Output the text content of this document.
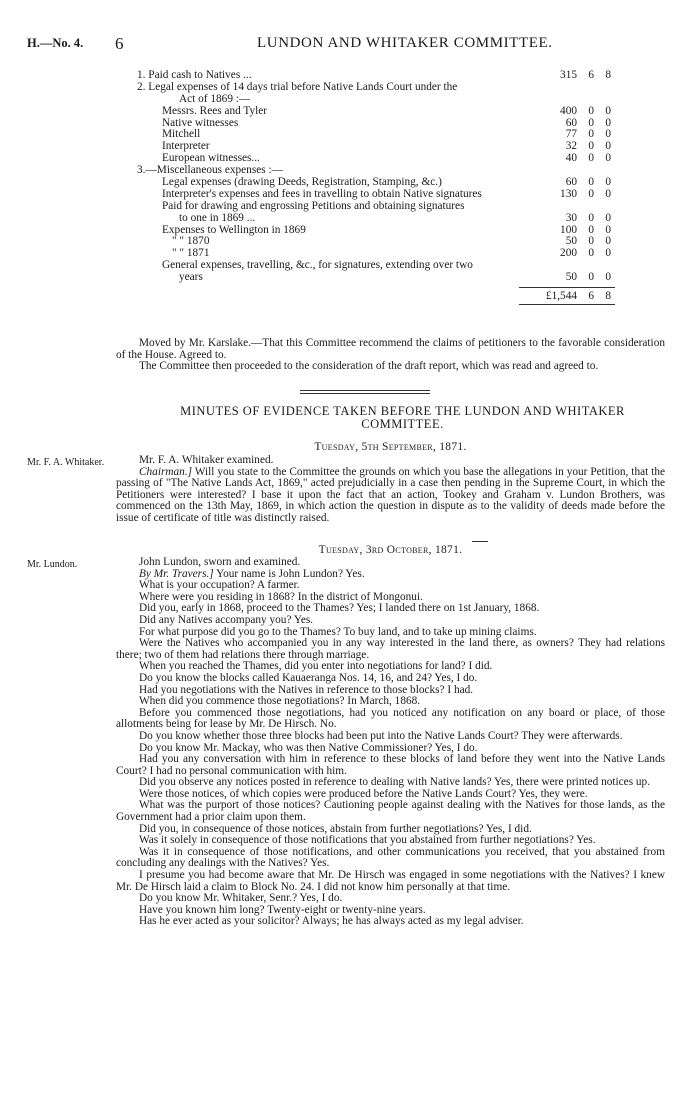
H.—No. 4. 6	LUNDON AND WHITAKER COMMITTEE.
1. Paid cash to Natives ...	315 6 8
2. Legal expenses of 14 days trial before Native Lands Court under the
Act of 1869 :—
Messrs. Rees and Tyler	400 0 0
Native witnesses	60 0 0
Mitchell	77 0 0
Interpreter	32 0 0
European witnesses...	40 0 0
3.—Miscellaneous expenses :—
Legal expenses (drawing Deeds, Registration, Stamping, &c.)	60 0 0
Interpreter's expenses and fees in travelling to obtain Native signatures	130 0 0
Paid for drawing and engrossing Petitions and obtaining signatures
to one in 1869 ...	30 0 0
Expenses to Wellington in 1869	100 0 0
" " 1870	50 0 0
" " 1871	200 0 0
General expenses, travelling, &c., for signatures, extending over two
years	50 0 0
£1,544 6 8
Moved by Mr. Karslake.—That this Committee recommend the claims of petitioners to the favorable consideration of the House. Agreed to.
The Committee then proceeded to the consideration of the draft report, which was read and agreed to.
MINUTES OF EVIDENCE TAKEN BEFORE THE LUNDON AND WHITAKER COMMITTEE.
Tuesday, 5th September, 1871.
Mr. F. A. Whitaker.	Mr. F. A. Whitaker examined.

Chairman.] Will you state to the Committee the grounds on which you base the allegations in your Petition, that the passing of "The Native Lands Act, 1869," acted prejudicially in a case then pending in the Supreme Court, in which the Petitioners were interested? I base it upon the fact that an action, Tookey and Graham v. Lundon Brothers, was commenced on the 13th May, 1869, in which action the question in dispute as to the validity of deeds made before the issue of certificate of title was distinctly raised.

Tuesday, 3rd October, 1871.
Mr. Lundon.	John Lundon, sworn and examined.

By Mr. Travers.] Your name is John Lundon? Yes.

What is your occupation? A farmer.

Where were you residing in 1868? In the district of Mongonui.

Did you, early in 1868, proceed to the Thames? Yes; I landed there on 1st January, 1868.

Did any Natives accompany you? Yes.

For what purpose did you go to the Thames? To buy land, and to take up mining claims.

Were the Natives who accompanied you in any way interested in the land there, as owners? They had relations there; two of them had relations there through marriage.

When you reached the Thames, did you enter into negotiations for land? I did.

Do you know the blocks called Kauaeranga Nos. 14, 16, and 24? Yes, I do.

Had you negotiations with the Natives in reference to those blocks? I had.

When did you commence those negotiations? In March, 1868.

Before you commenced those negotiations, had you noticed any notification on any board or place, of those allotments being for lease by Mr. De Hirsch. No.

Do you know whether those three blocks had been put into the Native Lands Court? They were afterwards.

Do you know Mr. Mackay, who was then Native Commissioner? Yes, I do.

Had you any conversation with him in reference to these blocks of land before they went into the Native Lands Court? I had no personal communication with him.

Did you observe any notices posted in reference to dealing with Native lands? Yes, there were printed notices up.

Were those notices, of which copies were produced before the Native Lands Court? Yes, they were.

What was the purport of those notices? Cautioning people against dealing with the Natives for those lands, as the Government had a prior claim upon them.

Did you, in consequence of those notices, abstain from further negotiations? Yes, I did.

Was it solely in consequence of those notifications that you abstained from further negotiations? Yes.

Was it in consequence of those notifications, and other communications you received, that you abstained from concluding any dealings with the Natives? Yes.

I presume you had become aware that Mr. De Hirsch was engaged in some negotiations with the Natives? I knew Mr. De Hirsch laid a claim to Block No. 24. I did not know him personally at that time.

Do you know Mr. Whitaker, Senr.? Yes, I do.

Have you known him long? Twenty-eight or twenty-nine years.

Has he ever acted as your solicitor? Always; he has always acted as my legal adviser.
